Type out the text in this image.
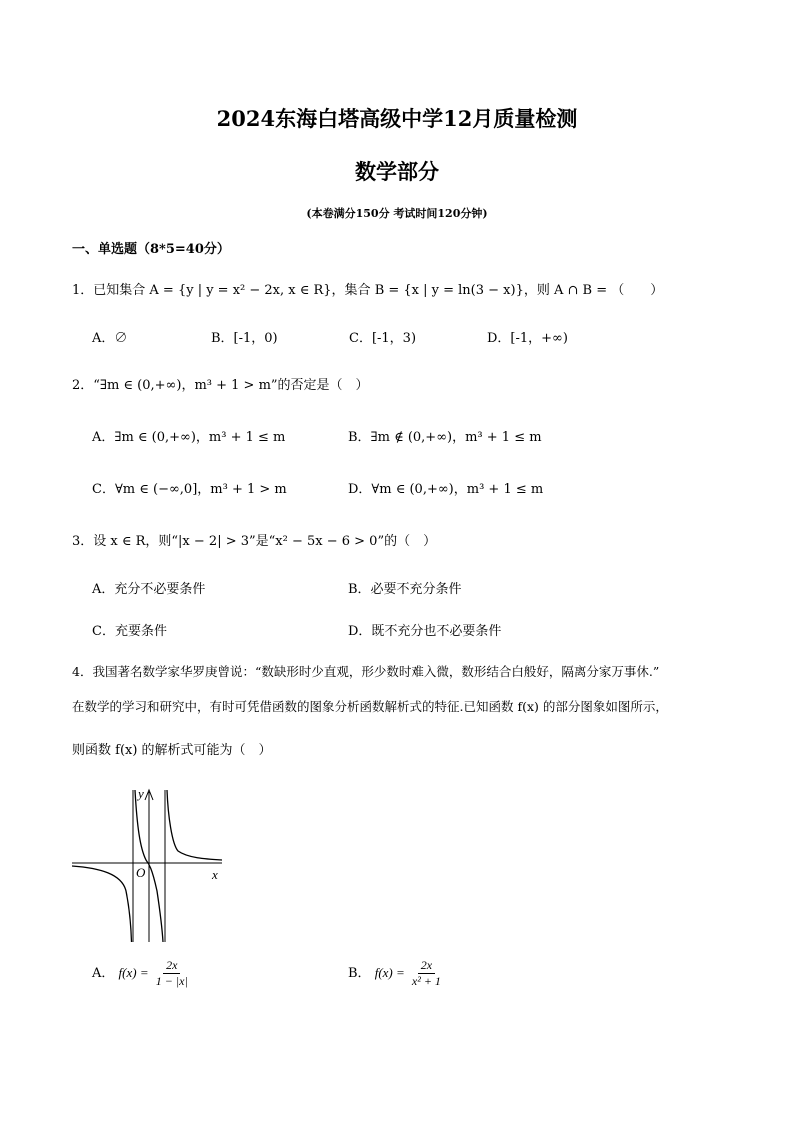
2024东海白塔高级中学12月质量检测
数学部分
(本卷满分150分 考试时间120分钟)
一、单选题（8*5=40分）
1．已知集合 A = {y | y = x² − 2x, x ∈ R}，集合 B = {x | y = ln(3 − x)}，则 A ∩ B = （　　）
A．∅	B．[-1，0)	C．[-1，3)	D．[-1，+∞)
2．“∃m ∈ (0,+∞)，m³ + 1 > m”的否定是（　）
A．∃m ∈ (0,+∞)，m³ + 1 ≤ m	B．∃m ∉ (0,+∞)，m³ + 1 ≤ m
C．∀m ∈ (−∞,0]，m³ + 1 > m	D．∀m ∈ (0,+∞)，m³ + 1 ≤ m
3．设 x ∈ R，则“|x − 2| > 3”是“x² − 5x − 6 > 0”的（　）
A．充分不必要条件	B．必要不充分条件
C．充要条件	D．既不充分也不必要条件
4．我国著名数学家华罗庚曾说：“数缺形时少直观，形少数时难入微，数形结合白般好，隔离分家万事休.”
在数学的学习和研究中，有时可凭借函数的图象分析函数解析式的特征.已知函数 f(x) 的部分图象如图所示，
则函数 f(x) 的解析式可能为（　）
y
x
O
A． $f(x) = \frac{2x}{1 - |x|}$	B． $f(x) = \frac{2x}{\text{x² + 1}}$
